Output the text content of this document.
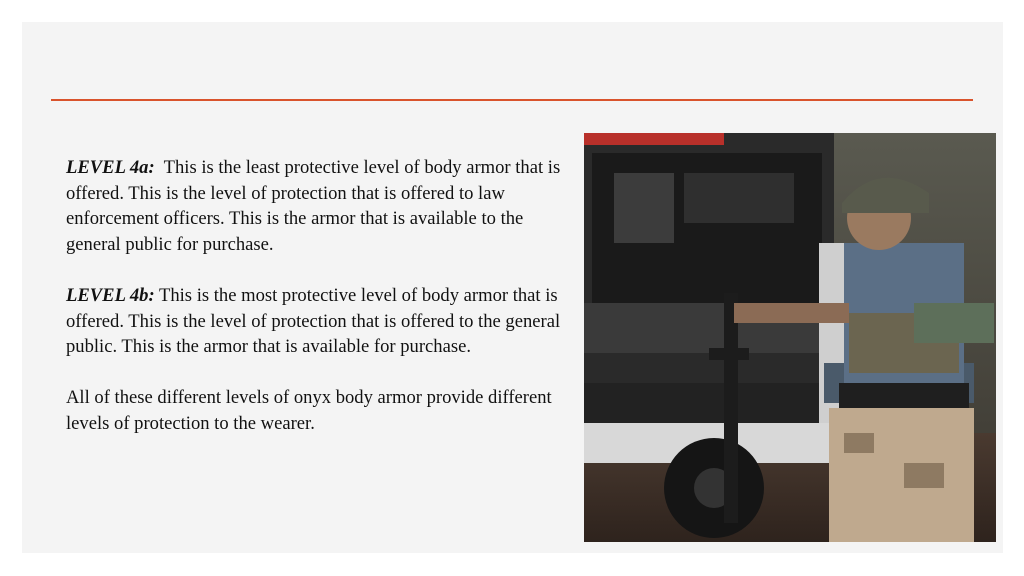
LEVEL 4a: This is the least protective level of body armor that is offered. This is the level of protection that is offered to law enforcement officers. This is the armor that is available to the general public for purchase.

LEVEL 4b: This is the most protective level of body armor that is offered. This is the level of protection that is offered to the general public. This is the armor that is available for purchase.

All of these different levels of onyx body armor provide different levels of protection to the wearer.
